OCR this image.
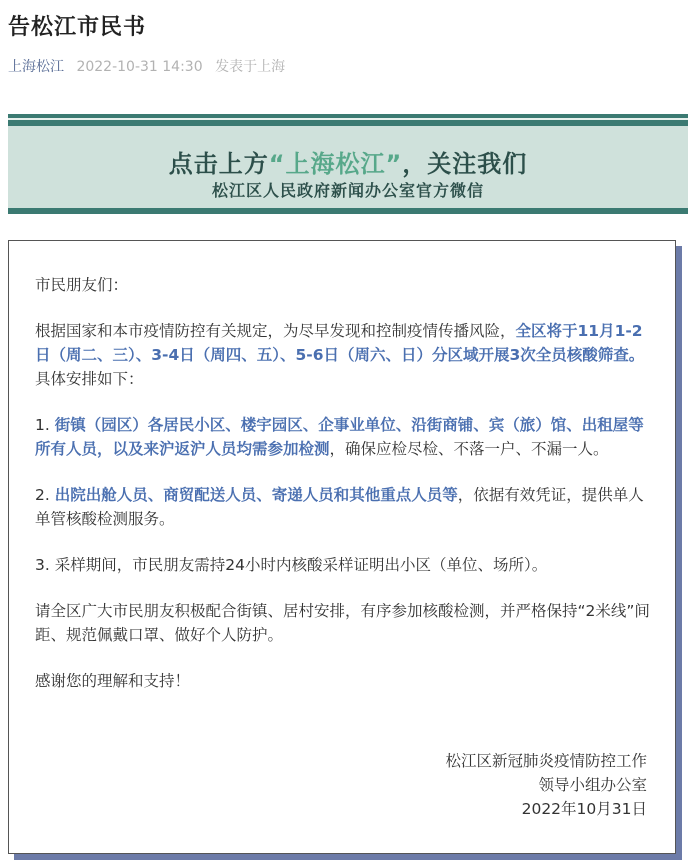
告松江市民书
上海松江 2022-10-31 14:30 发表于上海
点击上方“上海松江”，关注我们
松江区人民政府新闻办公室官方微信

市民朋友们：

根据国家和本市疫情防控有关规定，为尽早发现和控制疫情传播风险，全区将于11月1-2日（周二、三）、3-4日（周四、五）、5-6日（周六、日）分区域开展3次全员核酸筛查。具体安排如下：

1. 街镇（园区）各居民小区、楼宇园区、企事业单位、沿街商铺、宾（旅）馆、出租屋等所有人员，以及来沪返沪人员均需参加检测，确保应检尽检、不落一户、不漏一人。

2. 出院出舱人员、商贸配送人员、寄递人员和其他重点人员等，依据有效凭证，提供单人单管核酸检测服务。

3. 采样期间，市民朋友需持24小时内核酸采样证明出小区（单位、场所）。

请全区广大市民朋友积极配合街镇、居村安排，有序参加核酸检测，并严格保持“2米线”间距、规范佩戴口罩、做好个人防护。

感谢您的理解和支持！

松江区新冠肺炎疫情防控工作
领导小组办公室
2022年10月31日
